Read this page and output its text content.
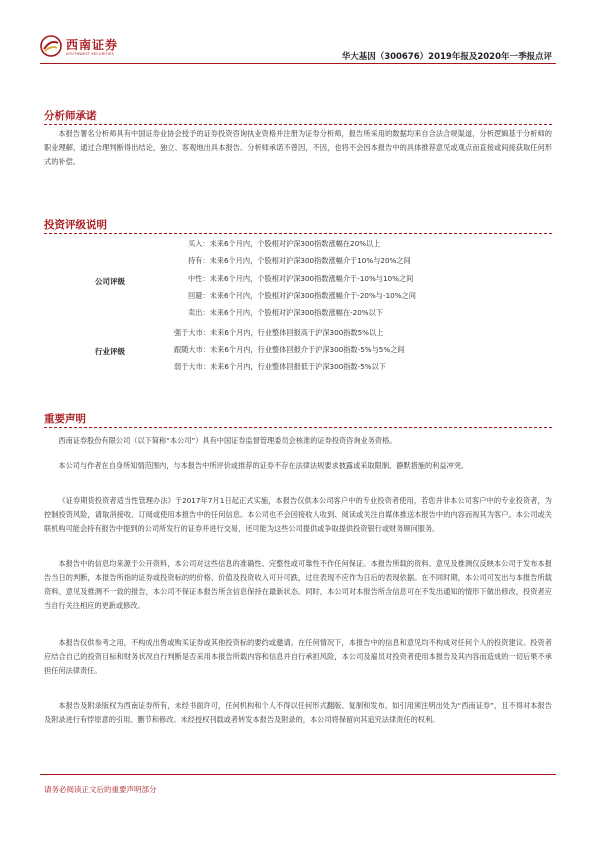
西南证券
SOUTHWEST SECURITIES	华大基因（300676）2019年报及2020年一季报点评
分析师承诺

本报告署名分析师具有中国证券业协会授予的证券投资咨询执业资格并注册为证券分析师，报告所采用的数据均来自合法合规渠道，分析逻辑基于分析师的职业理解，通过合理判断得出结论，独立、客观地出具本报告。分析师承诺不曾因，不因，也将不会因本报告中的具体推荐意见或观点而直接或间接获取任何形式的补偿。

投资评级说明
公司评级
买入：未来6个月内，个股相对沪深300指数涨幅在20%以上
持有：未来6个月内，个股相对沪深300指数涨幅介于10%与20%之间
中性：未来6个月内，个股相对沪深300指数涨幅介于-10%与10%之间
回避：未来6个月内，个股相对沪深300指数涨幅介于-20%与-10%之间
卖出：未来6个月内，个股相对沪深300指数涨幅在-20%以下
行业评级
强于大市：未来6个月内，行业整体回报高于沪深300指数5%以上
跟随大市：未来6个月内，行业整体回报介于沪深300指数-5%与5%之间
弱于大市：未来6个月内，行业整体回报低于沪深300指数-5%以下
重要声明

西南证券股份有限公司（以下简称“本公司”）具有中国证券监督管理委员会核准的证券投资咨询业务资格。

本公司与作者在自身所知情范围内，与本报告中所评价或推荐的证券不存在法律法规要求披露或采取限制、静默措施的利益冲突。

《证券期货投资者适当性管理办法》于2017年7月1日起正式实施，本报告仅供本公司客户中的专业投资者使用，若您并非本公司客户中的专业投资者，为控制投资风险，请取消接收、订阅或使用本报告中的任何信息。本公司也不会因接收人收到、阅读或关注自媒体推送本报告中的内容而视其为客户。本公司或关联机构可能会持有报告中提到的公司所发行的证券并进行交易，还可能为这些公司提供或争取提供投资银行或财务顾问服务。

本报告中的信息均来源于公开资料，本公司对这些信息的准确性、完整性或可靠性不作任何保证。本报告所载的资料、意见及推测仅反映本公司于发布本报告当日的判断，本报告所指的证券或投资标的的价格、价值及投资收入可升可跌，过往表现不应作为日后的表现依据。在不同时期，本公司可发出与本报告所载资料、意见及推测不一致的报告，本公司不保证本报告所含信息保持在最新状态。同时，本公司对本报告所含信息可在不发出通知的情形下做出修改，投资者应当自行关注相应的更新或修改。

本报告仅供参考之用，不构成出售或购买证券或其他投资标的要约或邀请。在任何情况下，本报告中的信息和意见均不构成对任何个人的投资建议。投资者应结合自己的投资目标和财务状况自行判断是否采用本报告所载内容和信息并自行承担风险，本公司及雇员对投资者使用本报告及其内容而造成的一切后果不承担任何法律责任。

本报告及附录版权为西南证券所有，未经书面许可，任何机构和个人不得以任何形式翻版、复制和发布。如引用须注明出处为“西南证券”，且不得对本报告及附录进行有悖原意的引用、删节和修改。未经授权刊载或者转发本报告及附录的，本公司将保留向其追究法律责任的权利。

请务必阅读正文后的重要声明部分
